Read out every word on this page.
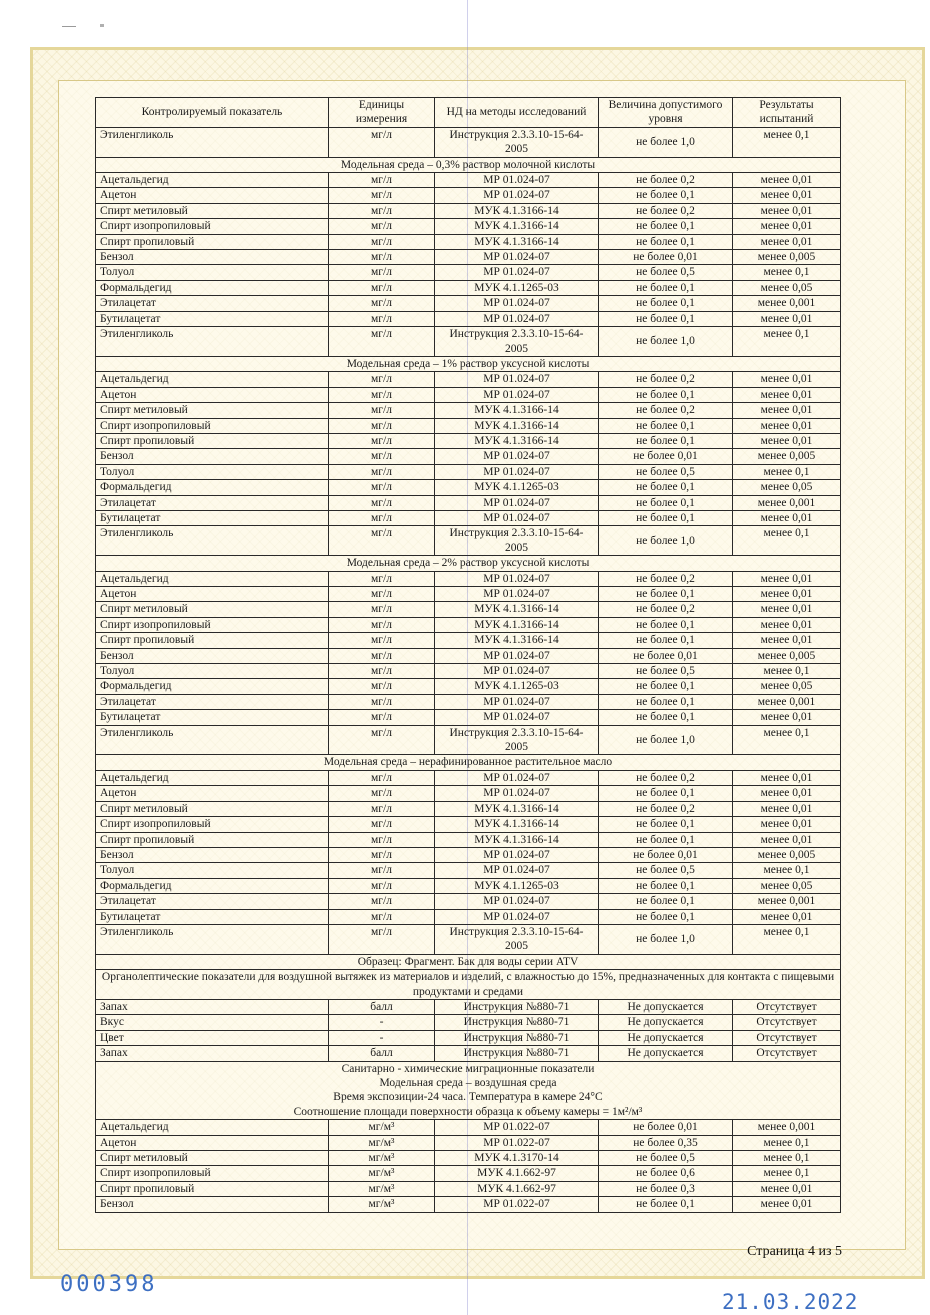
Контролируемый показатель	Единицы измерения	НД на методы исследований	Величина допустимого уровня	Результаты испытаний
Этиленгликоль	мг/л	Инструкция 2.3.3.10-15-64-2005	не более 1,0	менее 0,1
Модельная среда – 0,3% раствор молочной кислоты				
Ацетальдегид	мг/л	МР 01.024-07	не более 0,2	менее 0,01
Ацетон	мг/л	МР 01.024-07	не более 0,1	менее 0,01
Спирт метиловый	мг/л	МУК 4.1.3166-14	не более 0,2	менее 0,01
Спирт изопропиловый	мг/л	МУК 4.1.3166-14	не более 0,1	менее 0,01
Спирт пропиловый	мг/л	МУК 4.1.3166-14	не более 0,1	менее 0,01
Бензол	мг/л	МР 01.024-07	не более 0,01	менее 0,005
Толуол	мг/л	МР 01.024-07	не более 0,5	менее 0,1
Формальдегид	мг/л	МУК 4.1.1265-03	не более 0,1	менее 0,05
Этилацетат	мг/л	МР 01.024-07	не более 0,1	менее 0,001
Бутилацетат	мг/л	МР 01.024-07	не более 0,1	менее 0,01
Этиленгликоль	мг/л	Инструкция 2.3.3.10-15-64-2005	не более 1,0	менее 0,1
Модельная среда – 1% раствор уксусной кислоты				
Ацетальдегид	мг/л	МР 01.024-07	не более 0,2	менее 0,01
Ацетон	мг/л	МР 01.024-07	не более 0,1	менее 0,01
Спирт метиловый	мг/л	МУК 4.1.3166-14	не более 0,2	менее 0,01
Спирт изопропиловый	мг/л	МУК 4.1.3166-14	не более 0,1	менее 0,01
Спирт пропиловый	мг/л	МУК 4.1.3166-14	не более 0,1	менее 0,01
Бензол	мг/л	МР 01.024-07	не более 0,01	менее 0,005
Толуол	мг/л	МР 01.024-07	не более 0,5	менее 0,1
Формальдегид	мг/л	МУК 4.1.1265-03	не более 0,1	менее 0,05
Этилацетат	мг/л	МР 01.024-07	не более 0,1	менее 0,001
Бутилацетат	мг/л	МР 01.024-07	не более 0,1	менее 0,01
Этиленгликоль	мг/л	Инструкция 2.3.3.10-15-64-2005	не более 1,0	менее 0,1
Модельная среда – 2% раствор уксусной кислоты				
Ацетальдегид	мг/л	МР 01.024-07	не более 0,2	менее 0,01
Ацетон	мг/л	МР 01.024-07	не более 0,1	менее 0,01
Спирт метиловый	мг/л	МУК 4.1.3166-14	не более 0,2	менее 0,01
Спирт изопропиловый	мг/л	МУК 4.1.3166-14	не более 0,1	менее 0,01
Спирт пропиловый	мг/л	МУК 4.1.3166-14	не более 0,1	менее 0,01
Бензол	мг/л	МР 01.024-07	не более 0,01	менее 0,005
Толуол	мг/л	МР 01.024-07	не более 0,5	менее 0,1
Формальдегид	мг/л	МУК 4.1.1265-03	не более 0,1	менее 0,05
Этилацетат	мг/л	МР 01.024-07	не более 0,1	менее 0,001
Бутилацетат	мг/л	МР 01.024-07	не более 0,1	менее 0,01
Этиленгликоль	мг/л	Инструкция 2.3.3.10-15-64-2005	не более 1,0	менее 0,1
Модельная среда – нерафинированное растительное масло				
Ацетальдегид	мг/л	МР 01.024-07	не более 0,2	менее 0,01
Ацетон	мг/л	МР 01.024-07	не более 0,1	менее 0,01
Спирт метиловый	мг/л	МУК 4.1.3166-14	не более 0,2	менее 0,01
Спирт изопропиловый	мг/л	МУК 4.1.3166-14	не более 0,1	менее 0,01
Спирт пропиловый	мг/л	МУК 4.1.3166-14	не более 0,1	менее 0,01
Бензол	мг/л	МР 01.024-07	не более 0,01	менее 0,005
Толуол	мг/л	МР 01.024-07	не более 0,5	менее 0,1
Формальдегид	мг/л	МУК 4.1.1265-03	не более 0,1	менее 0,05
Этилацетат	мг/л	МР 01.024-07	не более 0,1	менее 0,001
Бутилацетат	мг/л	МР 01.024-07	не более 0,1	менее 0,01
Этиленгликоль	мг/л	Инструкция 2.3.3.10-15-64-2005	не более 1,0	менее 0,1
Образец: Фрагмент. Бак для воды серии ATV				
Органолептические показатели для воздушной вытяжек из материалов и изделий, с влажностью до 15%, предназначенных для контакта с пищевыми продуктами и средами				
Запах	балл	Инструкция №880-71	Не допускается	Отсутствует
Вкус	-	Инструкция №880-71	Не допускается	Отсутствует
Цвет	-	Инструкция №880-71	Не допускается	Отсутствует
Запах	балл	Инструкция №880-71	Не допускается	Отсутствует

Санитарно - химические миграционные показатели
Модельная среда – воздушная среда
Время экспозиции-24 часа. Температура в камере 24°С
Соотношение площади поверхности образца к объему камеры = 1м²/м³				

Ацетальдегид	мг/м³	МР 01.022-07	не более 0,01	менее 0,001
Ацетон	мг/м³	МР 01.022-07	не более 0,35	менее 0,1
Спирт метиловый	мг/м³	МУК 4.1.3170-14	не более 0,5	менее 0,1
Спирт изопропиловый	мг/м³	МУК 4.1.662-97	не более 0,6	менее 0,1
Спирт пропиловый	мг/м³	МУК 4.1.662-97	не более 0,3	менее 0,01
Бензол	мг/м³	МР 01.022-07	не более 0,1	менее 0,01
Страница 4 из 5
000398
21.03.2022
